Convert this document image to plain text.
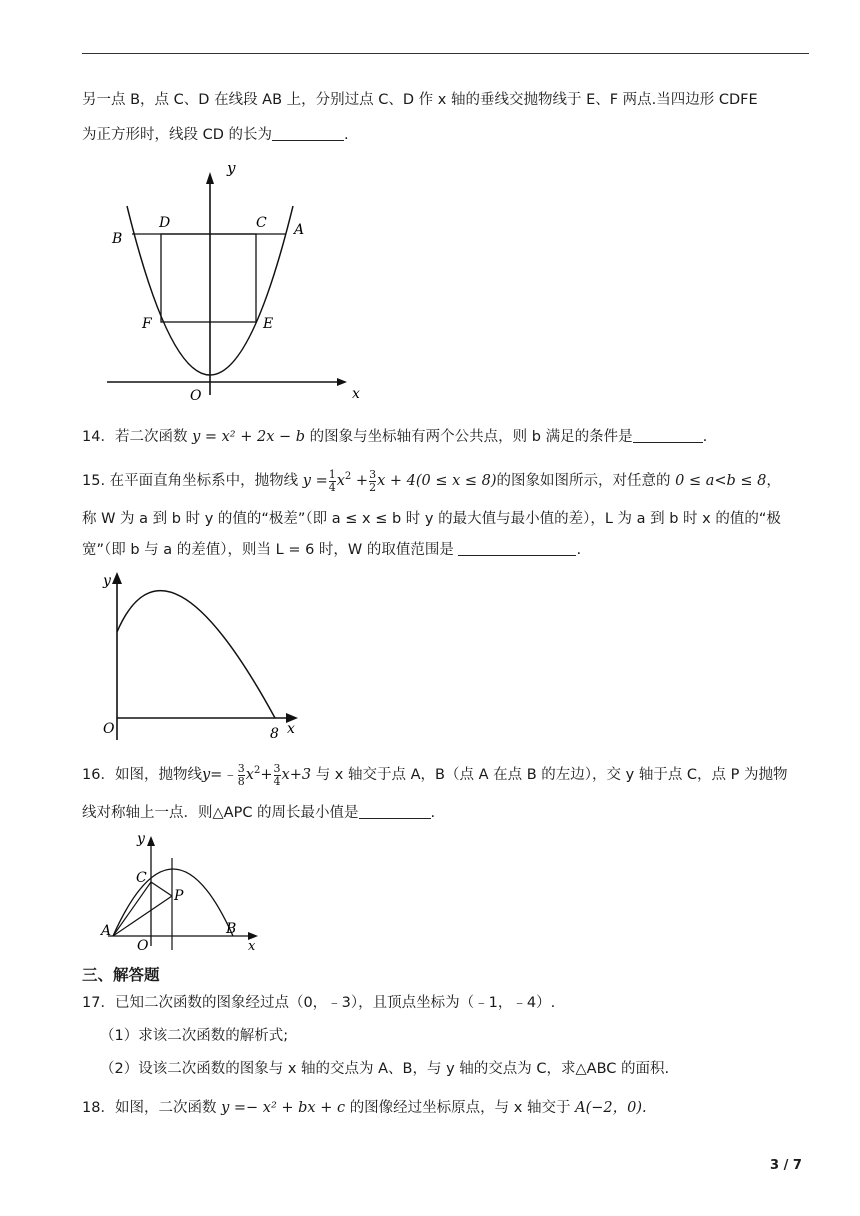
另一点 B，点 C、D 在线段 AB 上，分别过点 C、D 作 x 轴的垂线交抛物线于 E、F 两点.当四边形 CDFE
为正方形时，线段 CD 的长为	.
y
D	C A
B
F	E
O	x
14．若二次函数 y = x² + 2x − b 的图象与坐标轴有两个公共点，则 b 满足的条件是	.
15. 在平面直角坐标系中，抛物线 $y = \frac{1}{4} x^2 + \frac{3}{2}$ x + 4(0 ≤ x ≤ 8)的图象如图所示，对任意的 0 ≤ a<b ≤ 8，
称 W 为 a 到 b 时 y 的值的“极差”（即 a ≤ x ≤ b 时 y 的最大值与最小值的差），L 为 a 到 b 时 x 的值的“极
宽”（即 b 与 a 的差值），则当 L = 6 时，W 的取值范围是	.
y
O	8 x
16．如图，抛物线y=﹣ $\frac{3}{8} x^2+ \frac{3}{4} x+3$ 与 x 轴交于点 A，B（点 A 在点 B 的左边），交 y 轴于点 C，点 P 为抛物
线对称轴上一点．则△APC 的周长最小值是	.
y
C
P
A
O
B
x
三、解答题
17．已知二次函数的图象经过点（0，﹣3），且顶点坐标为（﹣1，﹣4）.
（1）求该二次函数的解析式;
（2）设该二次函数的图象与 x 轴的交点为 A、B，与 y 轴的交点为 C，求△ABC 的面积.
18．如图，二次函数 y =− x² + bx + c 的图像经过坐标原点，与 x 轴交于 A(−2，0).
3 / 7
